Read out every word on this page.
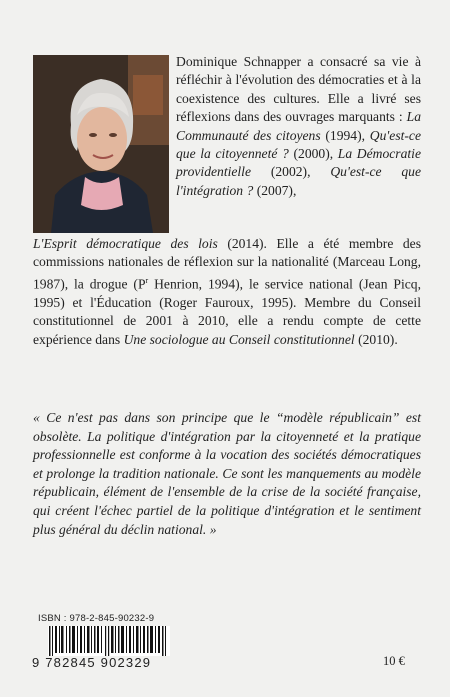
Dominique Schnapper a consacré sa vie à réfléchir à l'évolution des démocraties et à la coexistence des cultures. Elle a livré ses réflexions dans des ouvrages marquants : La Communauté des citoyens (1994), Qu'est-ce que la citoyenneté ? (2000), La Démocratie providentielle (2002), Qu'est-ce que l'intégration ? (2007),

L'Esprit démocratique des lois (2014). Elle a été membre des commissions nationales de réflexion sur la nationalité (Marceau Long, 1987), la drogue ($P^r$ Henrion, 1994), le service national (Jean Picq, 1995) et l'Éducation (Roger Fauroux, 1995). Membre du Conseil constitutionnel de 2001 à 2010, elle a rendu compte de cette expérience dans Une sociologue au Conseil constitutionnel (2010).

« Ce n'est pas dans son principe que le “modèle républicain” est obsolète. La politique d'intégration par la citoyenneté et la pratique professionnelle est conforme à la vocation des sociétés démocratiques et prolonge la tradition nationale. Ce sont les manquements au modèle républicain, élément de l'ensemble de la crise de la société française, qui créent l'échec partiel de la politique d'intégration et le sentiment plus général du déclin national. »
ISBN : 978-2-845-90232-9
9 782845 902329	10 €
